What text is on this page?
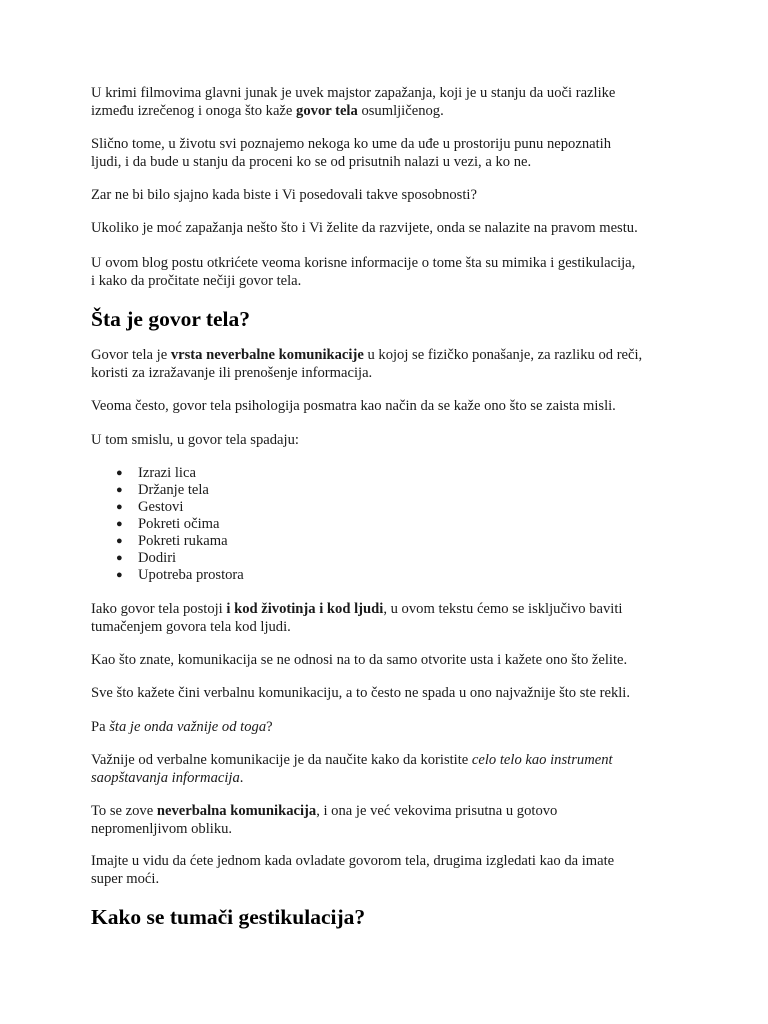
U krimi filmovima glavni junak je uvek majstor zapažanja, koji je u stanju da uoči razlike
između izrečenog i onoga što kaže govor tela osumljičenog.

Slično tome, u životu svi poznajemo nekoga ko ume da uđe u prostoriju punu nepoznatih
ljudi, i da bude u stanju da proceni ko se od prisutnih nalazi u vezi, a ko ne.

Zar ne bi bilo sjajno kada biste i Vi posedovali takve sposobnosti?

Ukoliko je moć zapažanja nešto što i Vi želite da razvijete, onda se nalazite na pravom mestu.

U ovom blog postu otkrićete veoma korisne informacije o tome šta su mimika i gestikulacija,
i kako da pročitate nečiji govor tela.

Šta je govor tela?

Govor tela je vrsta neverbalne komunikacije u kojoj se fizičko ponašanje, za razliku od reči,
koristi za izražavanje ili prenošenje informacija.

Veoma često, govor tela psihologija posmatra kao način da se kaže ono što se zaista misli.

U tom smislu, u govor tela spadaju:

● Izrazi lica
● Držanje tela
● Gestovi
● Pokreti očima
● Pokreti rukama
● Dodiri
● Upotreba prostora

Iako govor tela postoji i kod životinja i kod ljudi, u ovom tekstu ćemo se isključivo baviti
tumačenjem govora tela kod ljudi.

Kao što znate, komunikacija se ne odnosi na to da samo otvorite usta i kažete ono što želite.

Sve što kažete čini verbalnu komunikaciju, a to često ne spada u ono najvažnije što ste rekli.

Pa šta je onda važnije od toga?

Važnije od verbalne komunikacije je da naučite kako da koristite celo telo kao instrument
saopštavanja informacija.

To se zove neverbalna komunikacija, i ona je već vekovima prisutna u gotovo
nepromenljivom obliku.

Imajte u vidu da ćete jednom kada ovladate govorom tela, drugima izgledati kao da imate
super moći.

Kako se tumači gestikulacija?
